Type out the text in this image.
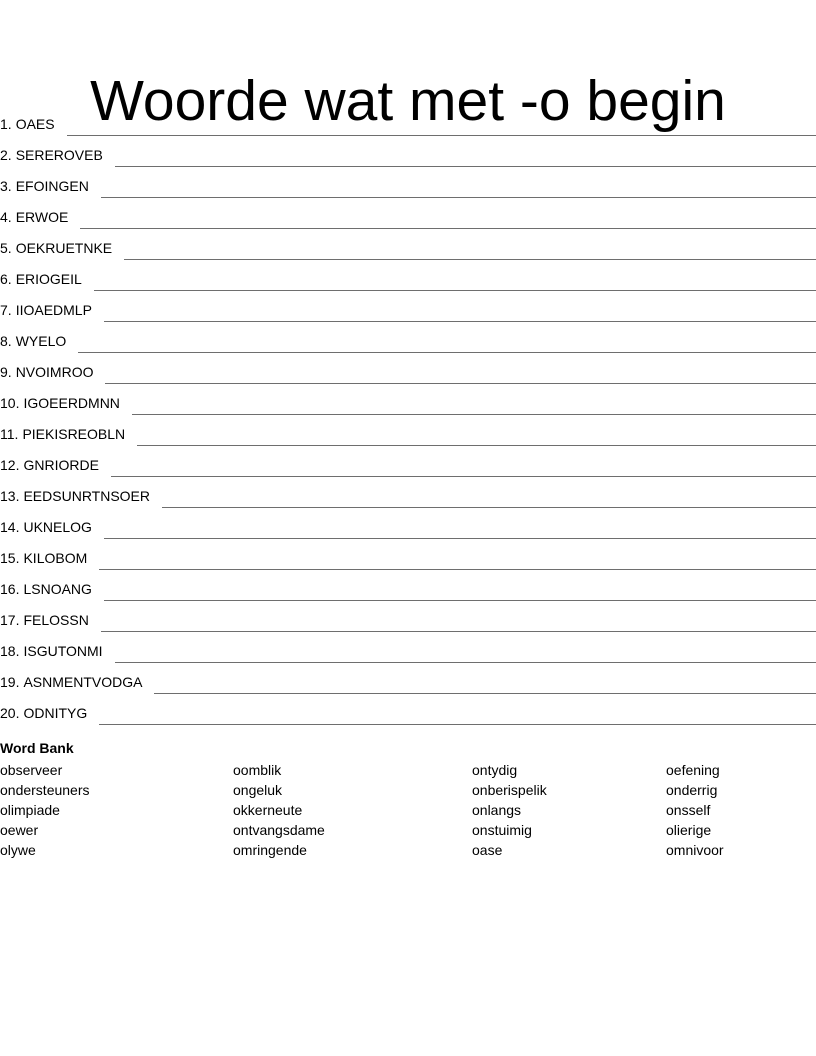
Woorde wat met -o begin
1. OAES
2. SEREROVEB
3. EFOINGEN
4. ERWOE
5. OEKRUETNKE
6. ERIOGEIL
7. IIOAEDMLP
8. WYELO
9. NVOIMROO
10. IGOEERDMNN
11. PIEKISREOBLN
12. GNRIORDE
13. EEDSUNRTNSOER
14. UKNELOG
15. KILOBOM
16. LSNOANG
17. FELOSSN
18. ISGUTONMI
19. ASNMENTVODGA
20. ODNITYG
Word Bank
observeer
ondersteuners
olimpiade
oewer
olywe
oomblik
ongeluk
okkerneute
ontvangsdame
omringende
ontydig
onberispelik
onlangs
onstuimig
oase
oefening
onderrig
onsself
olierige
omnivoor
